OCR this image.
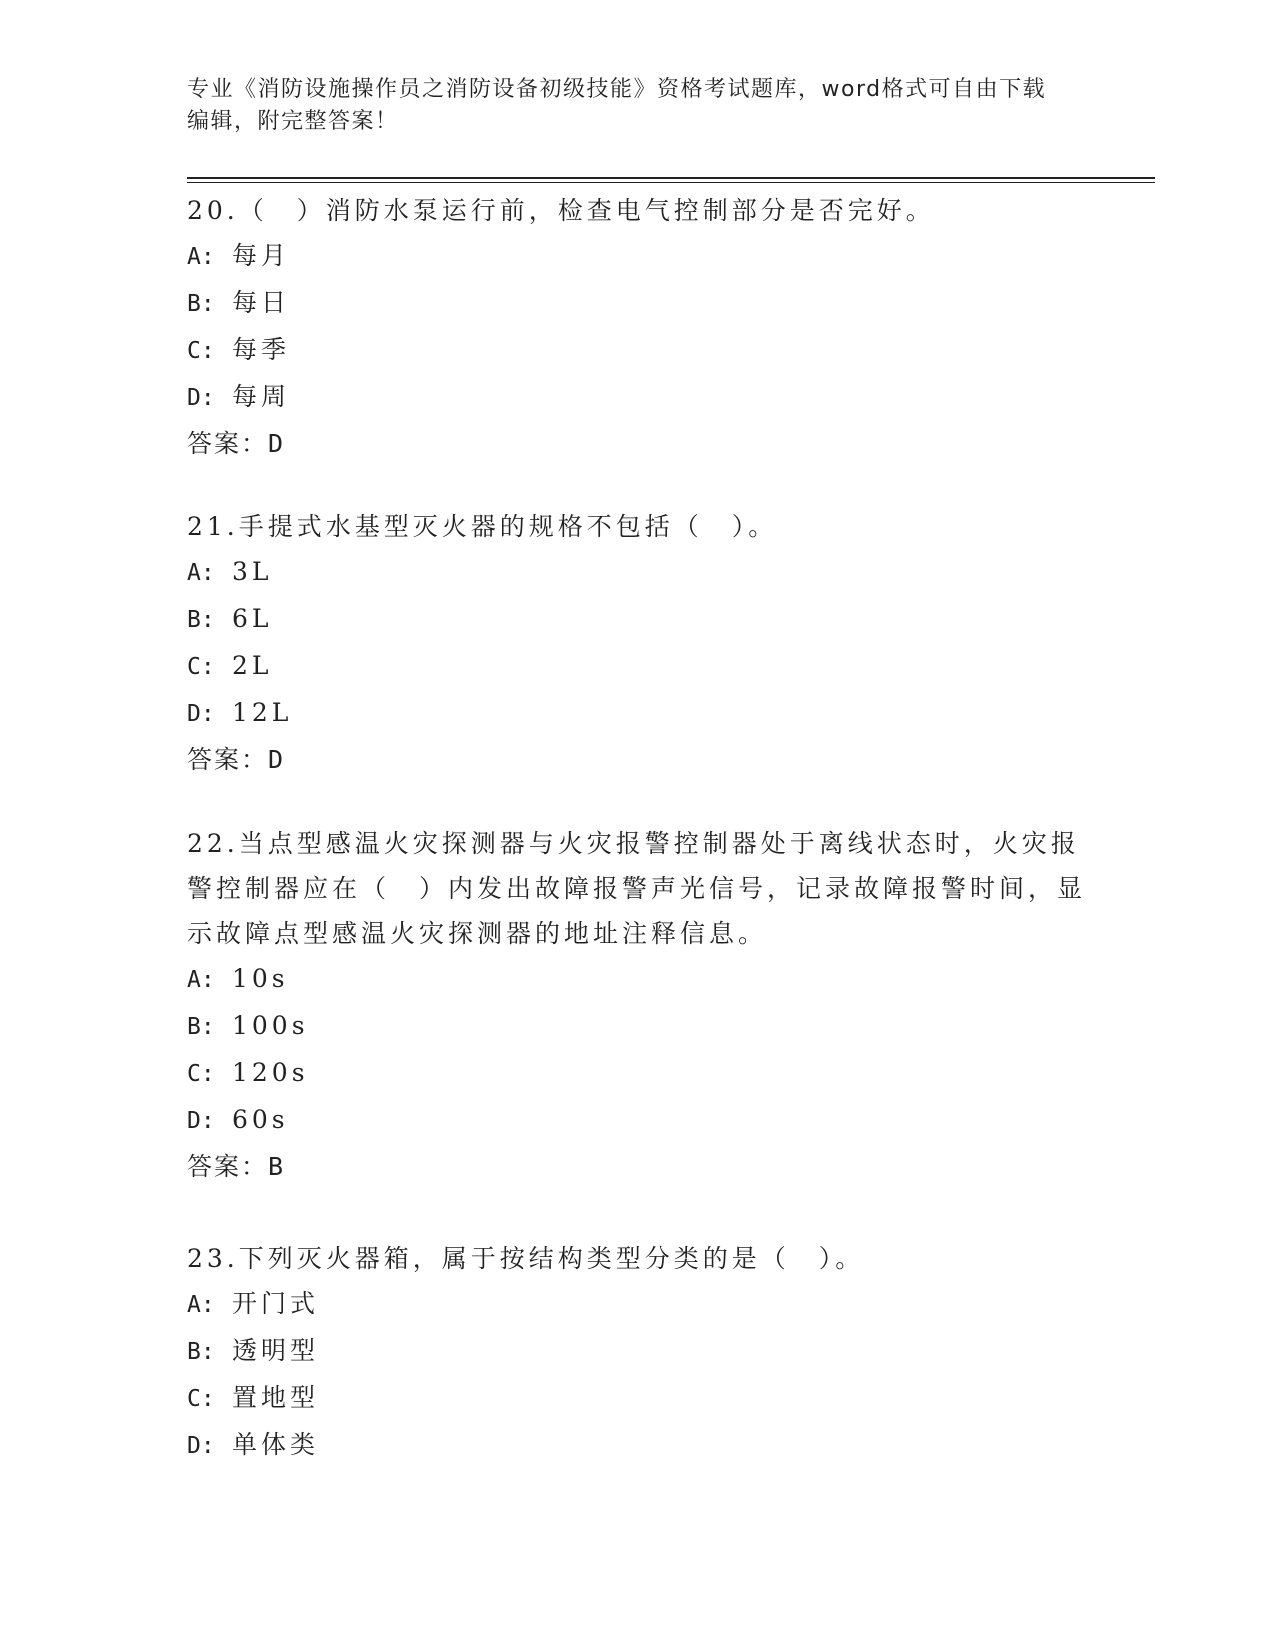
专业《消防设施操作员之消防设备初级技能》资格考试题库，word格式可自由下载编辑，附完整答案！

20.（　）消防水泵运行前，检查电气控制部分是否完好。

A: 每月

B: 每日

C: 每季

D: 每周

答案：D

21.手提式水基型灭火器的规格不包括（　）。

A: 3L

B: 6L

C: 2L

D: 12L

答案：D

22.当点型感温火灾探测器与火灾报警控制器处于离线状态时，火灾报警控制器应在（　）内发出故障报警声光信号，记录故障报警时间，显示故障点型感温火灾探测器的地址注释信息。

A: 10s

B: 100s

C: 120s

D: 60s

答案：B

23.下列灭火器箱，属于按结构类型分类的是（　）。

A: 开门式

B: 透明型

C: 置地型

D: 单体类
